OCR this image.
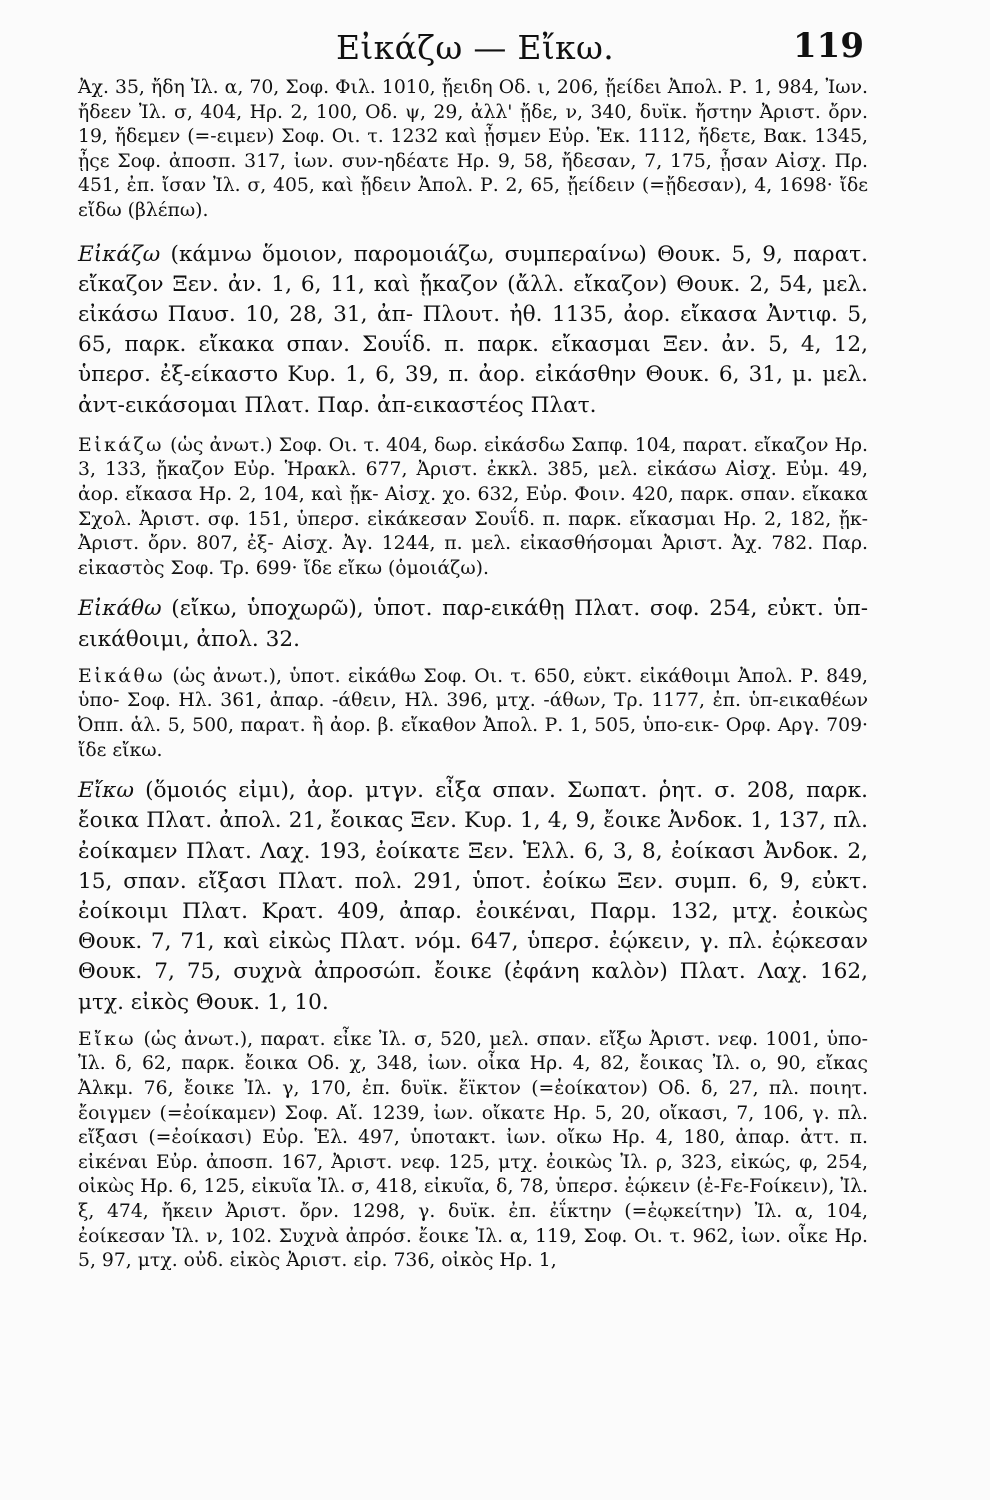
Εἰκάζω — Εἴκω.	119

Ἀχ. 35, ἤδη Ἰλ. α, 70, Σοφ. Φιλ. 1010, ᾔειδη Οδ. ι, 206, ᾔείδει Ἀπολ. Ρ. 1, 984, Ἰων. ἤδεεν Ἰλ. σ, 404, Ηρ. 2, 100, Οδ. ψ, 29, ἀλλ' ᾔδε, ν, 340, δυϊκ. ἤστην Ἀριστ. ὄρν. 19, ἤδεμεν (=-ειμεν) Σοφ. Οι. τ. 1232 καὶ ᾖσμεν Εὐρ. Ἑκ. 1112, ἤδετε, Βακ. 1345, ᾖςε Σοφ. ἀποσπ. 317, ἰων. συν-ηδέατε Ηρ. 9, 58, ἤδεσαν, 7, 175, ᾖσαν Αἰσχ. Πρ. 451, ἐπ. ἴσαν Ἰλ. σ, 405, καὶ ᾔδειν Ἀπολ. Ρ. 2, 65, ᾔείδειν (=ᾔδεσαν), 4, 1698· ἴδε εἴδω (βλέπω).

Εἰκάζω (κάμνω ὅμοιον, παρομοιάζω, συμπεραίνω) Θουκ. 5, 9, παρατ. εἴκαζον Ξεν. ἀν. 1, 6, 11, καὶ ᾔκαζον (ἄλλ. εἴκαζον) Θουκ. 2, 54, μελ. εἰκάσω Παυσ. 10, 28, 31, ἀπ- Πλουτ. ἠθ. 1135, ἀορ. εἴκασα Ἀντιφ. 5, 65, παρκ. εἴκακα σπαν. Σουΐδ. π. παρκ. εἴκασμαι Ξεν. ἀν. 5, 4, 12, ὑπερσ. ἐξ-είκαστο Κυρ. 1, 6, 39, π. ἀορ. εἰκάσθην Θουκ. 6, 31, μ. μελ. ἀντ-εικάσομαι Πλατ. Παρ. ἀπ-εικαστέος Πλατ.

Εἰκάζω (ὡς ἀνωτ.) Σοφ. Οι. τ. 404, δωρ. εἰκάσδω Σαπφ. 104, παρατ. εἴκαζον Ηρ. 3, 133, ᾔκαζον Εὐρ. Ἡρακλ. 677, Ἀριστ. ἐκκλ. 385, μελ. εἰκάσω Αἰσχ. Εὐμ. 49, ἀορ. εἴκασα Ηρ. 2, 104, καὶ ᾔκ- Αἰσχ. χο. 632, Εὐρ. Φοιν. 420, παρκ. σπαν. εἴκακα Σχολ. Ἀριστ. σφ. 151, ὑπερσ. εἰκάκεσαν Σουΐδ. π. παρκ. εἴκασμαι Ηρ. 2, 182, ᾔκ- Ἀριστ. ὄρν. 807, ἐξ- Αἰσχ. Ἀγ. 1244, π. μελ. εἰκασθήσομαι Ἀριστ. Ἀχ. 782. Παρ. εἰκαστὸς Σοφ. Τρ. 699· ἴδε εἴκω (ὁμοιάζω).

Εἰκάθω (εἴκω, ὑποχωρῶ), ὑποτ. παρ-εικάθῃ Πλατ. σοφ. 254, εὐκτ. ὑπ-εικάθοιμι, ἀπολ. 32.

Εἰκάθω (ὡς ἀνωτ.), ὑποτ. εἰκάθω Σοφ. Οι. τ. 650, εὐκτ. εἰκάθοιμι Ἀπολ. Ρ. 849, ὑπο- Σοφ. Ηλ. 361, ἀπαρ. -άθειν, Ηλ. 396, μτχ. -άθων, Τρ. 1177, ἐπ. ὑπ-εικαθέων Ὀππ. ἁλ. 5, 500, παρατ. ἢ ἀορ. β. εἴκαθον Ἀπολ. Ρ. 1, 505, ὑπο-εικ- Ορφ. Αργ. 709· ἴδε εἴκω.

Εἴκω (ὅμοιός εἰμι), ἀορ. μτγν. εἶξα σπαν. Σωπατ. ῥητ. σ. 208, παρκ. ἔοικα Πλατ. ἀπολ. 21, ἔοικας Ξεν. Κυρ. 1, 4, 9, ἔοικε Ἀνδοκ. 1, 137, πλ. ἐοίκαμεν Πλατ. Λαχ. 193, ἐοίκατε Ξεν. Ἑλλ. 6, 3, 8, ἐοίκασι Ἀνδοκ. 2, 15, σπαν. εἴξασι Πλατ. πολ. 291, ὑποτ. ἐοίκω Ξεν. συμπ. 6, 9, εὐκτ. ἐοίκοιμι Πλατ. Κρατ. 409, ἀπαρ. ἐοικέναι, Παρμ. 132, μτχ. ἐοικὼς Θουκ. 7, 71, καὶ εἰκὼς Πλατ. νόμ. 647, ὑπερσ. ἐῴκειν, γ. πλ. ἐῴκεσαν Θουκ. 7, 75, συχνὰ ἀπροσώπ. ἔοικε (ἐφάνη καλὸν) Πλατ. Λαχ. 162, μτχ. εἰκὸς Θουκ. 1, 10.

Εἴκω (ὡς ἀνωτ.), παρατ. εἶκε Ἰλ. σ, 520, μελ. σπαν. εἴξω Ἀριστ. νεφ. 1001, ὑπο- Ἰλ. δ, 62, παρκ. ἔοικα Οδ. χ, 348, ἰων. οἶκα Ηρ. 4, 82, ἔοικας Ἰλ. ο, 90, εἴκας Ἀλκμ. 76, ἔοικε Ἰλ. γ, 170, ἐπ. δυϊκ. ἔϊκτον (=ἐοίκατον) Οδ. δ, 27, πλ. ποιητ. ἔοιγμεν (=ἐοίκαμεν) Σοφ. Αἴ. 1239, ἰων. οἴκατε Ηρ. 5, 20, οἴκασι, 7, 106, γ. πλ. εἴξασι (=ἐοίκασι) Εὐρ. Ἑλ. 497, ὑποτακτ. ἰων. οἴκω Ηρ. 4, 180, ἀπαρ. ἀττ. π. εἰκέναι Εὐρ. ἀποσπ. 167, Ἀριστ. νεφ. 125, μτχ. ἐοικὼς Ἰλ. ρ, 323, εἰκώς, φ, 254, οἰκὼς Ηρ. 6, 125, εἰκυῖα Ἰλ. σ, 418, εἰκυῖα, δ, 78, ὑπερσ. ἐῴκειν (ἐ-Fε-Fοίκειν), Ἰλ. ξ, 474, ἤκειν Ἀριστ. ὄρν. 1298, γ. δυϊκ. ἐπ. ἐΐκτην (=ἐῳκείτην) Ἰλ. α, 104, ἐοίκεσαν Ἰλ. ν, 102. Συχνὰ ἀπρόσ. ἔοικε Ἰλ. α, 119, Σοφ. Οι. τ. 962, ἰων. οἶκε Ηρ. 5, 97, μτχ. οὐδ. εἰκὸς Ἀριστ. εἰρ. 736, οἰκὸς Ηρ. 1,
